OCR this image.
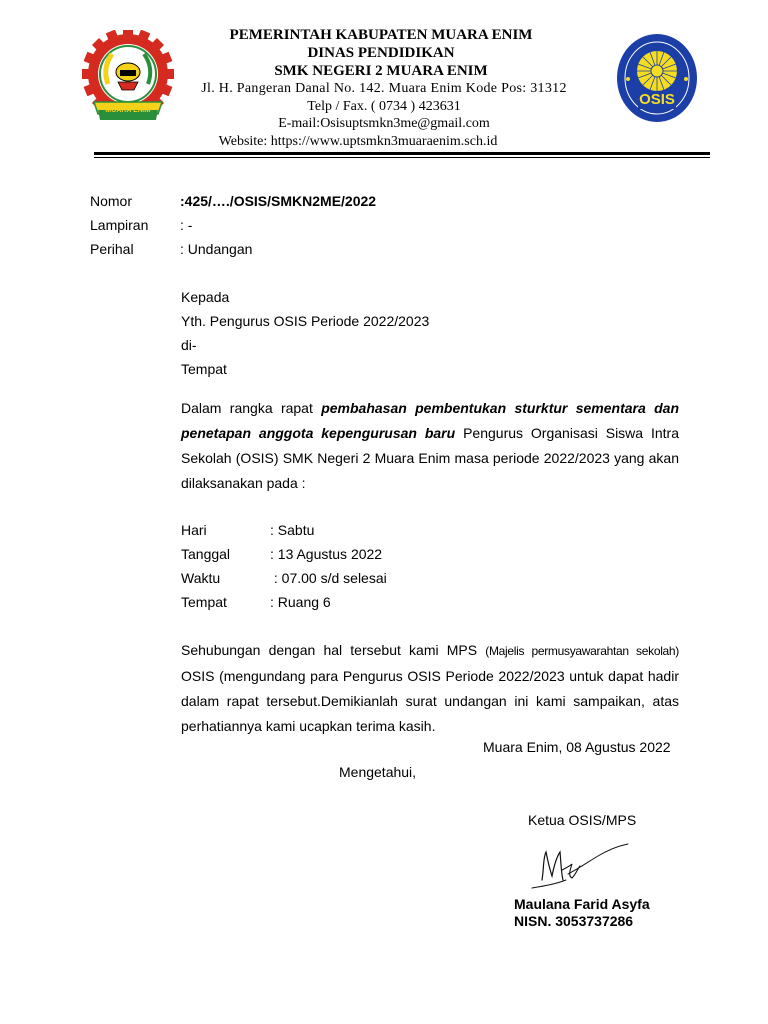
MUARA ENIM
OSIS
PEMERINTAH KABUPATEN MUARA ENIM
DINAS PENDIDIKAN
SMK NEGERI 2 MUARA ENIM
Jl. H. Pangeran Danal No. 142. Muara Enim Kode Pos: 31312
Telp / Fax. ( 0734 ) 423631
E-mail:Osisuptsmkn3me@gmail.com
Website: https://www.uptsmkn3muaraenim.sch.id
Nomor	:425/…./OSIS/SMKN2ME/2022
Lampiran : -
Perihal	: Undangan
Kepada
Yth. Pengurus OSIS Periode 2022/2023
di-
Tempat
Dalam rangka rapat pembahasan pembentukan sturktur sementara dan penetapan anggota kepengurusan baru Pengurus Organisasi Siswa Intra Sekolah (OSIS) SMK Negeri 2 Muara Enim masa periode 2022/2023 yang akan dilaksanakan pada :
Hari	: Sabtu
Tanggal	: 13 Agustus 2022
Waktu	: 07.00 s/d selesai
Tempat	: Ruang 6
Sehubungan dengan hal tersebut kami MPS (Majelis permusyawarahtan sekolah) OSIS (mengundang para Pengurus OSIS Periode 2022/2023 untuk dapat hadir dalam rapat tersebut.Demikianlah surat undangan ini kami sampaikan, atas perhatiannya kami ucapkan terima kasih.
Muara Enim, 08 Agustus 2022
Mengetahui,
Ketua OSIS/MPS
Maulana Farid Asyfa
NISN. 3053737286
